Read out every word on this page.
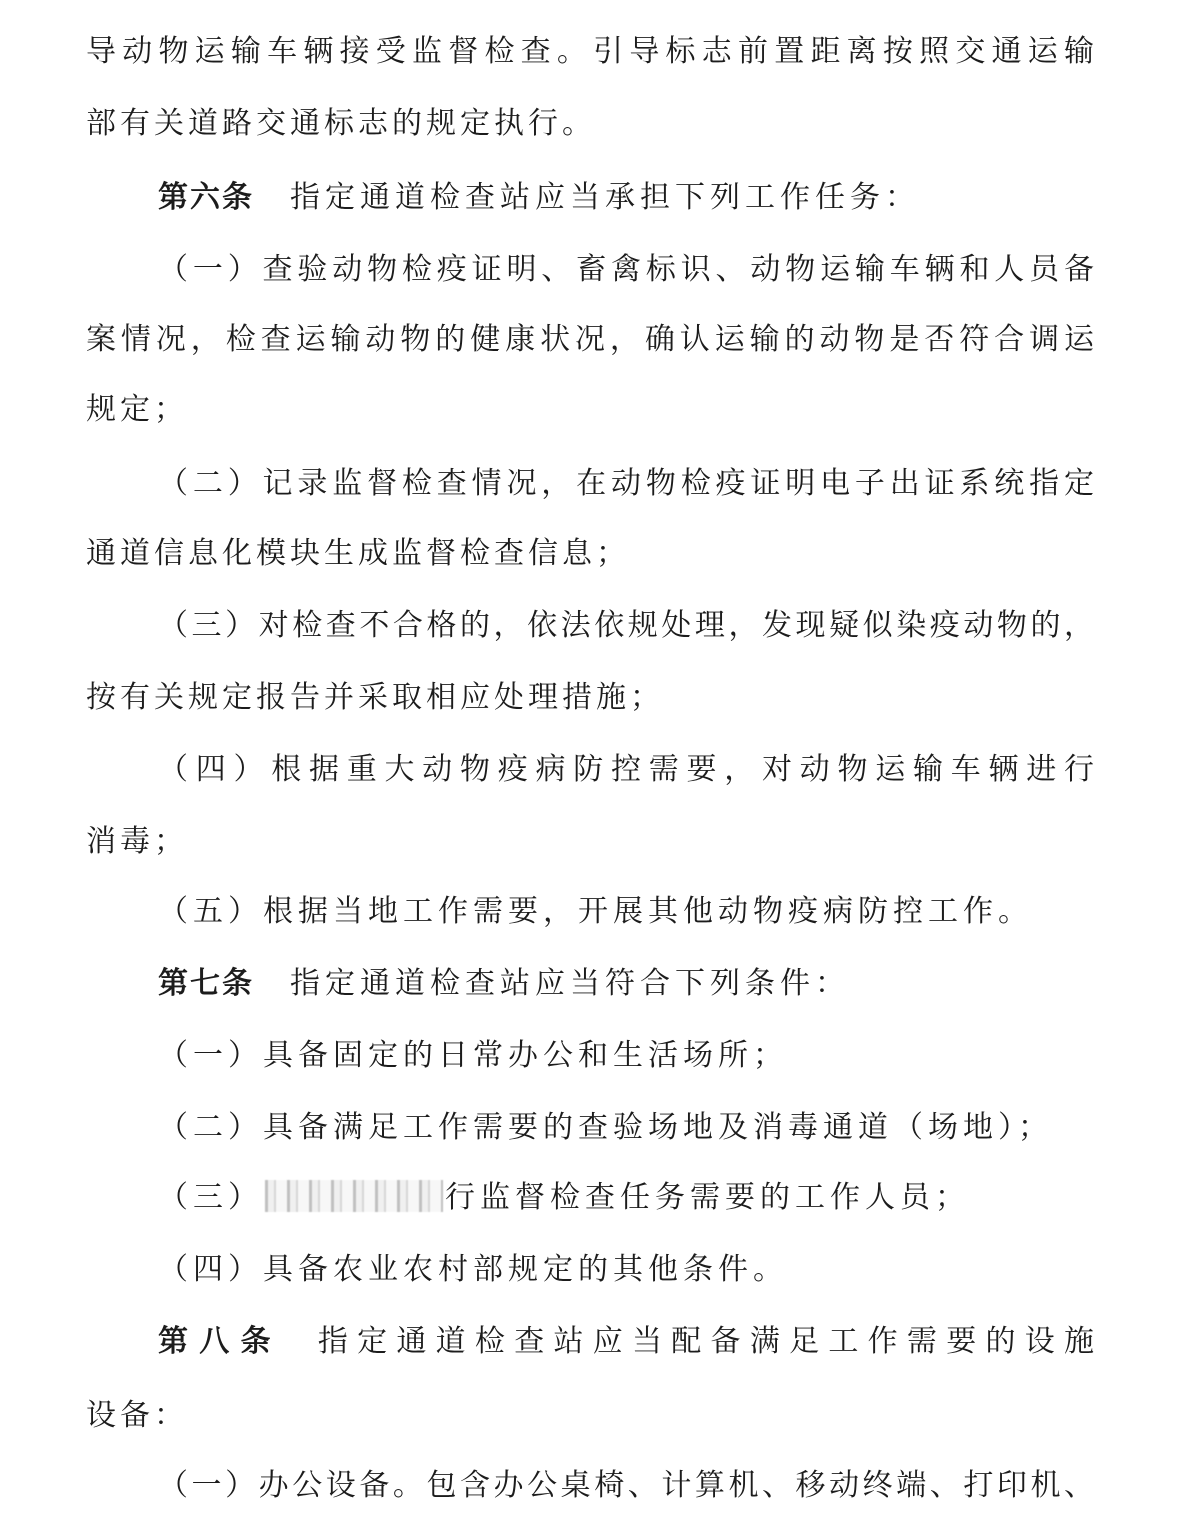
导动物运输车辆接受监督检查。引导标志前置距离按照交通运输

部有关道路交通标志的规定执行。

第六条 指定通道检查站应当承担下列工作任务：

（一）查验动物检疫证明、畜禽标识、动物运输车辆和人员备

案情况，检查运输动物的健康状况，确认运输的动物是否符合调运

规定；

（二）记录监督检查情况，在动物检疫证明电子出证系统指定

通道信息化模块生成监督检查信息；

（三）对检查不合格的，依法依规处理，发现疑似染疫动物的，

按有关规定报告并采取相应处理措施；

（四）根据重大动物疫病防控需要，对动物运输车辆进行

消毒；

（五）根据当地工作需要，开展其他动物疫病防控工作。

第七条 指定通道检查站应当符合下列条件：

（一）具备固定的日常办公和生活场所；

（二）具备满足工作需要的查验场地及消毒通道（场地）；

（三）	行监督检查任务需要的工作人员；

（四）具备农业农村部规定的其他条件。

第八条 指定通道检查站应当配备满足工作需要的设施

设备：

（一）办公设备。包含办公桌椅、计算机、移动终端、打印机、
